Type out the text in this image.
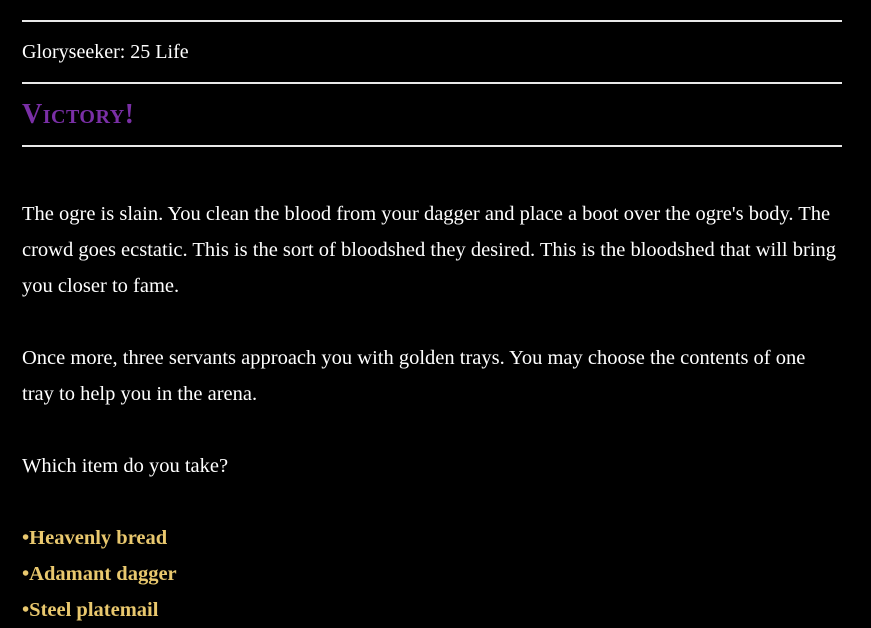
Gloryseeker: 25 Life
Victory!

The ogre is slain. You clean the blood from your dagger and place a boot over the ogre's body. The crowd goes ecstatic. This is the sort of bloodshed they desired. This is the bloodshed that will bring you closer to fame.

Once more, three servants approach you with golden trays. You may choose the contents of one tray to help you in the arena.

Which item do you take?

•Heavenly bread
•Adamant dagger
•Steel platemail
